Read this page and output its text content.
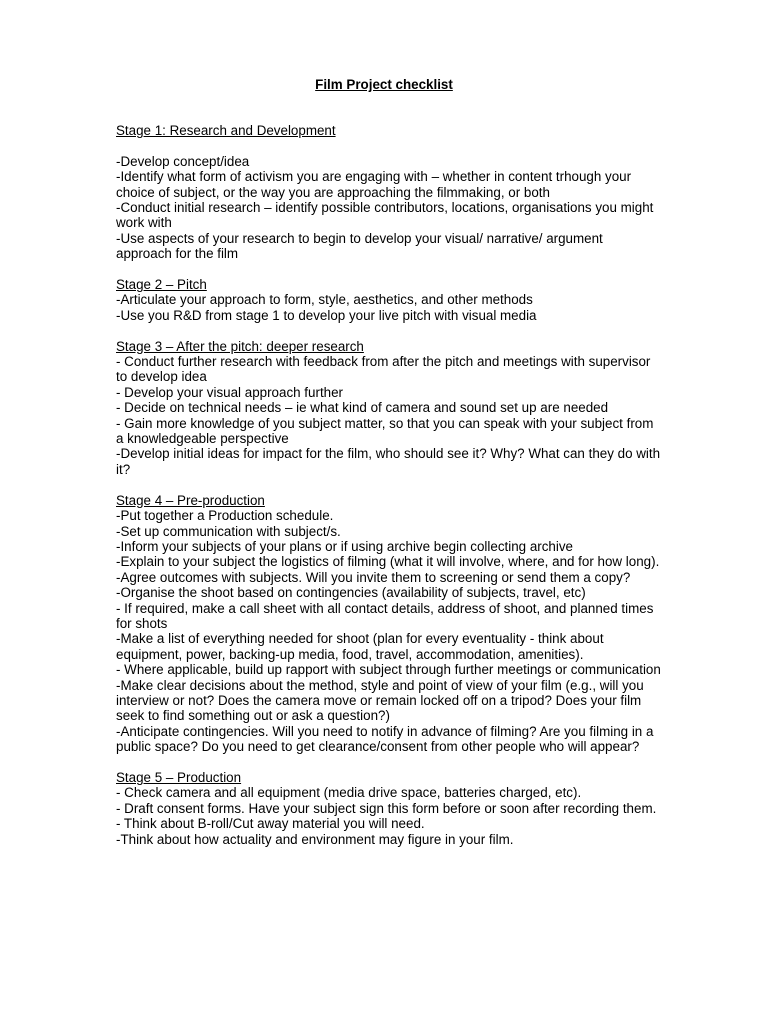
Film Project checklist

Stage 1: Research and Development

-Develop concept/idea

-Identify what form of activism you are engaging with – whether in content trhough your choice of subject, or the way you are approaching the filmmaking, or both

-Conduct initial research – identify possible contributors, locations, organisations you might work with

-Use aspects of your research to begin to develop your visual/ narrative/ argument approach for the film

Stage 2 – Pitch

-Articulate your approach to form, style, aesthetics, and other methods

-Use you R&D from stage 1 to develop your live pitch with visual media

Stage 3 – After the pitch: deeper research

- Conduct further research with feedback from after the pitch and meetings with supervisor to develop idea

- Develop your visual approach further

- Decide on technical needs – ie what kind of camera and sound set up are needed

- Gain more knowledge of you subject matter, so that you can speak with your subject from a knowledgeable perspective

-Develop initial ideas for impact for the film, who should see it? Why? What can they do with it?

Stage 4 – Pre-production

-Put together a Production schedule.

-Set up communication with subject/s.

-Inform your subjects of your plans or if using archive begin collecting archive

-Explain to your subject the logistics of filming (what it will involve, where, and for how long).

-Agree outcomes with subjects. Will you invite them to screening or send them a copy?

-Organise the shoot based on contingencies (availability of subjects, travel, etc)

- If required, make a call sheet with all contact details, address of shoot, and planned times for shots

-Make a list of everything needed for shoot (plan for every eventuality - think about equipment, power, backing-up media, food, travel, accommodation, amenities).

- Where applicable, build up rapport with subject through further meetings or communication

-Make clear decisions about the method, style and point of view of your film (e.g., will you interview or not? Does the camera move or remain locked off on a tripod? Does your film seek to find something out or ask a question?)

-Anticipate contingencies. Will you need to notify in advance of filming? Are you filming in a public space? Do you need to get clearance/consent from other people who will appear?

Stage 5 – Production

- Check camera and all equipment (media drive space, batteries charged, etc).

- Draft consent forms. Have your subject sign this form before or soon after recording them.

- Think about B-roll/Cut away material you will need.

-Think about how actuality and environment may figure in your film.
